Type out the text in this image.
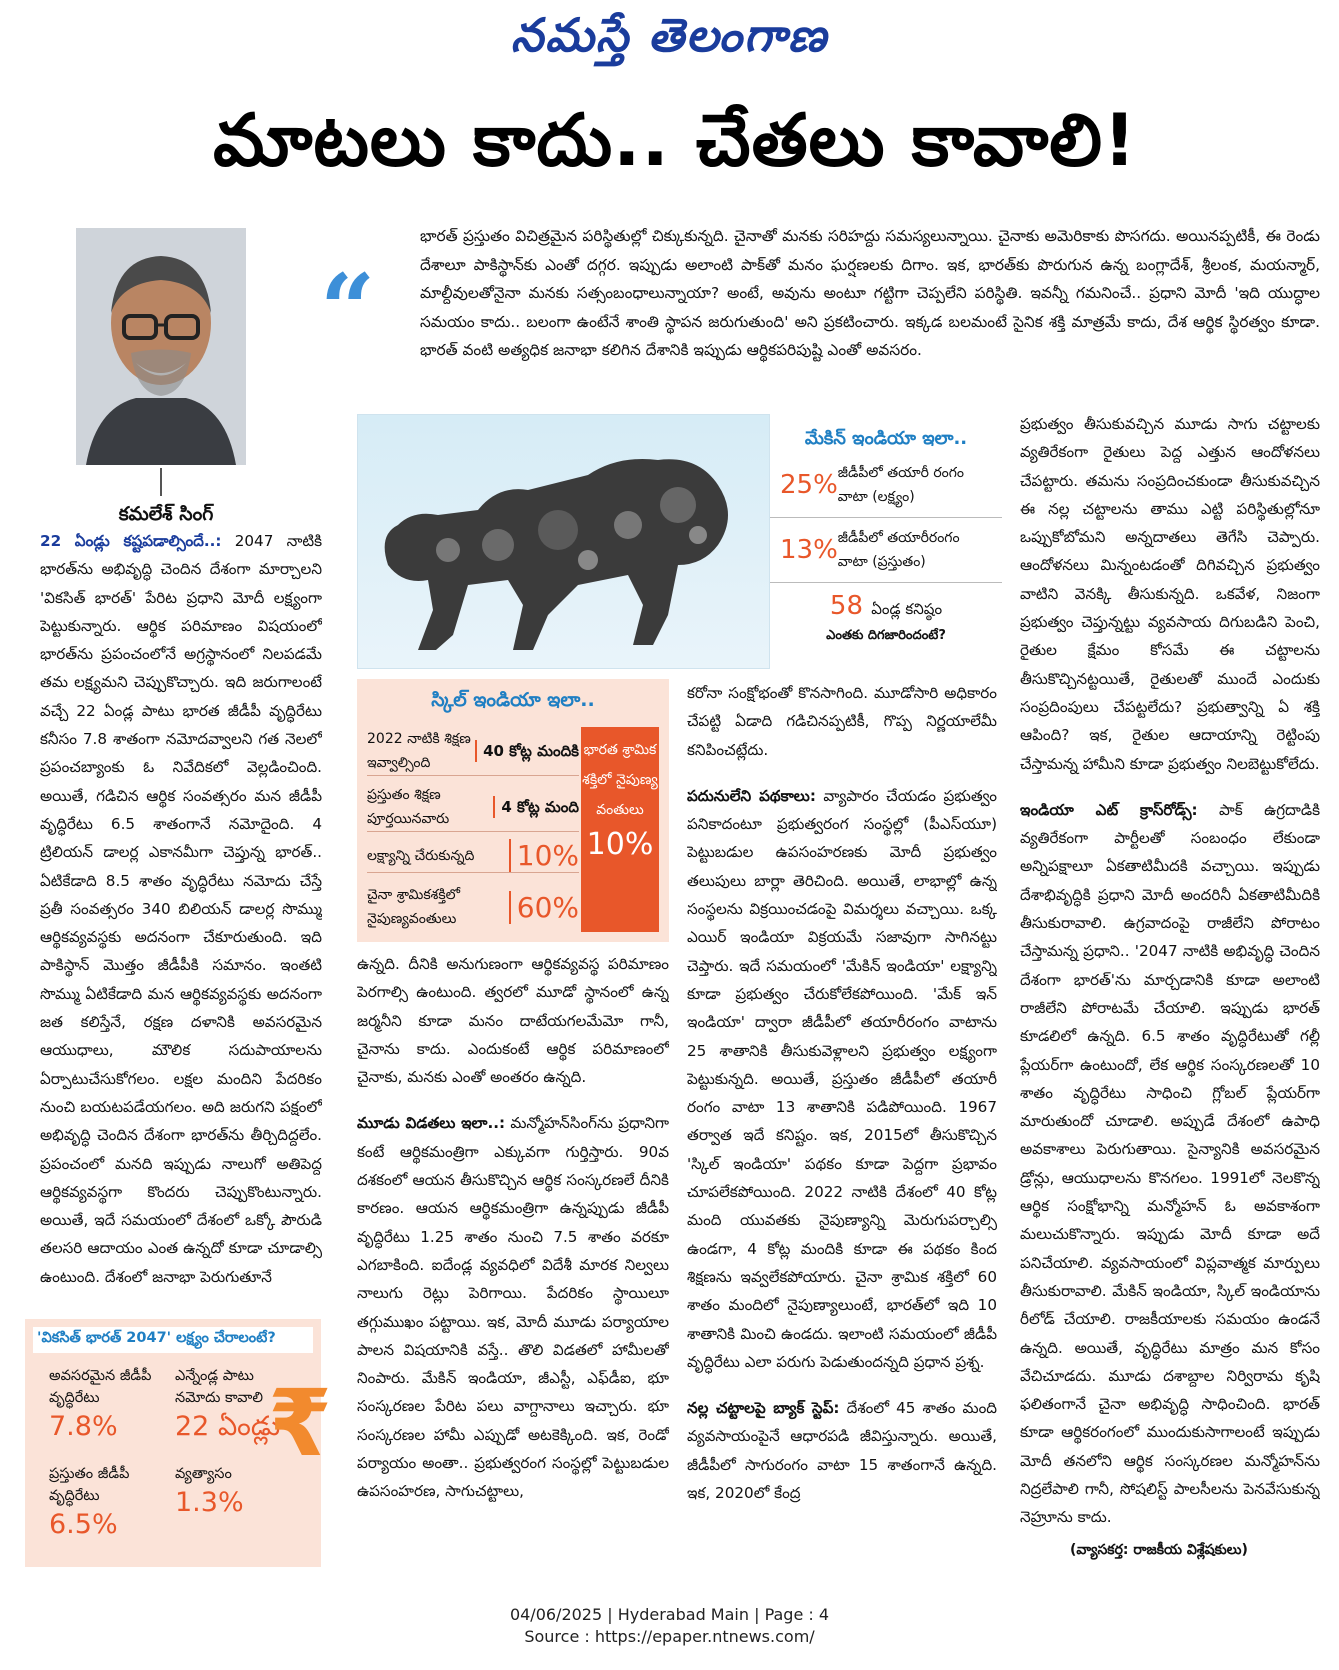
నమస్తే తెలంగాణ
మాటలు కాదు.. చేతలు కావాలి!
కమలేశ్ సింగ్
“
భారత్ ప్రస్తుతం విచిత్రమైన పరిస్థితుల్లో చిక్కుకున్నది. చైనాతో మనకు సరిహద్దు సమస్యలున్నాయి. చైనాకు అమెరికాకు పొసగదు. అయినప్పటికీ, ఈ రెండు దేశాలూ పాకిస్థాన్‌కు ఎంతో దగ్గర. ఇప్పుడు అలాంటి పాక్‌తో మనం ఘర్షణలకు దిగాం. ఇక, భారత్‌కు పొరుగున ఉన్న బంగ్లాదేశ్, శ్రీలంక, మయన్మార్, మాల్దీవులతోనైనా మనకు సత్సంబంధాలున్నాయా? అంటే, అవును అంటూ గట్టిగా చెప్పలేని పరిస్థితి. ఇవన్నీ గమనించే.. ప్రధాని మోదీ 'ఇది యుద్ధాల సమయం కాదు.. బలంగా ఉంటేనే శాంతి స్థాపన జరుగుతుంది' అని ప్రకటించారు. ఇక్కడ బలమంటే సైనిక శక్తి మాత్రమే కాదు, దేశ ఆర్థిక స్థిరత్వం కూడా. భారత్ వంటి అత్యధిక జనాభా కలిగిన దేశానికి ఇప్పుడు ఆర్థికపరిపుష్టి ఎంతో అవసరం.

22 ఏండ్లు కష్టపడాల్సిందే..: 2047 నాటికి భారత్‌ను అభివృద్ధి చెందిన దేశంగా మార్చాలని 'వికసిత్ భారత్' పేరిట ప్రధాని మోదీ లక్ష్యంగా పెట్టుకున్నారు. ఆర్థిక పరిమాణం విషయంలో భారత్‌ను ప్రపంచంలోనే అగ్రస్థానంలో నిలపడమే తమ లక్ష్యమని చెప్పుకొచ్చారు. ఇది జరుగాలంటే వచ్చే 22 ఏండ్ల పాటు భారత జీడీపీ వృద్ధిరేటు కనీసం 7.8 శాతంగా నమోదవ్వాలని గత నెలలో ప్రపంచబ్యాంకు ఓ నివేదికలో వెల్లడించింది. అయితే, గడిచిన ఆర్థిక సంవత్సరం మన జీడీపీ వృద్ధిరేటు 6.5 శాతంగానే నమోదైంది. 4 ట్రిలియన్ డాలర్ల ఎకానమీగా చెప్తున్న భారత్.. ఏటికేడాది 8.5 శాతం వృద్ధిరేటు నమోదు చేస్తే ప్రతీ సంవత్సరం 340 బిలియన్ డాలర్ల సొమ్ము ఆర్థికవ్యవస్థకు అదనంగా చేకూరుతుంది. ఇది పాకిస్థాన్ మొత్తం జీడీపీకి సమానం. ఇంతటి సొమ్ము ఏటికేడాది మన ఆర్థికవ్యవస్థకు అదనంగా జత కలిస్తేనే, రక్షణ దళానికి అవసరమైన ఆయుధాలు, మౌలిక సదుపాయాలను ఏర్పాటుచేసుకోగలం. లక్షల మందిని పేదరికం నుంచి బయటపడేయగలం. అది జరుగని పక్షంలో అభివృద్ధి చెందిన దేశంగా భారత్‌ను తీర్చిదిద్దలేం. ప్రపంచంలో మనది ఇప్పుడు నాలుగో అతిపెద్ద ఆర్థికవ్యవస్థగా కొందరు చెప్పుకొంటున్నారు. అయితే, ఇదే సమయంలో దేశంలో ఒక్కో పౌరుడి తలసరి ఆదాయం ఎంత ఉన్నదో కూడా చూడాల్సి ఉంటుంది. దేశంలో జనాభా పెరుగుతూనే

మేకిన్ ఇండియా ఇలా..
25% జీడీపీలో తయారీ రంగం వాటా (లక్ష్యం)
13% జీడీపీలో తయారీరంగం వాటా (ప్రస్తుతం)
58 ఏండ్ల కనిష్ఠం
ఎంతకు దిగజారిందంటే?
స్కిల్ ఇండియా ఇలా..
2022 నాటికి శిక్షణ ఇవ్వాల్సింది
40 కోట్ల మందికి
ప్రస్తుతం శిక్షణ పూర్తయినవారు
4 కోట్ల మంది
లక్ష్యాన్ని చేరుకున్నది	10%
చైనా శ్రామికశక్తిలో నైపుణ్యవంతులు	60%
భారత శ్రామిక శక్తిలో నైపుణ్య వంతులు
10%

ఉన్నది. దీనికి అనుగుణంగా ఆర్థికవ్యవస్థ పరిమాణం పెరగాల్సి ఉంటుంది. త్వరలో మూడో స్థానంలో ఉన్న జర్మనీని కూడా మనం దాటేయగలమేమో గానీ, చైనాను కాదు. ఎందుకంటే ఆర్థిక పరిమాణంలో చైనాకు, మనకు ఎంతో అంతరం ఉన్నది.

మూడు విడతలు ఇలా..: మన్మోహన్‌సింగ్‌ను ప్రధానిగా కంటే ఆర్థికమంత్రిగా ఎక్కువగా గుర్తిస్తారు. 90వ దశకంలో ఆయన తీసుకొచ్చిన ఆర్థిక సంస్కరణలే దీనికి కారణం. ఆయన ఆర్థికమంత్రిగా ఉన్నప్పుడు జీడీపీ వృద్ధిరేటు 1.25 శాతం నుంచి 7.5 శాతం వరకూ ఎగబాకింది. ఐదేండ్ల వ్యవధిలో విదేశీ మారక నిల్వలు నాలుగు రెట్లు పెరిగాయి. పేదరికం స్థాయిలూ తగ్గుముఖం పట్టాయి. ఇక, మోదీ మూడు పర్యాయాల పాలన విషయానికి వస్తే.. తొలి విడతలో హామీలతో నింపారు. మేకిన్ ఇండియా, జీఎస్టీ, ఎఫ్‌డీఐ, భూ సంస్కరణల పేరిట పలు వాగ్దానాలు ఇచ్చారు. భూ సంస్కరణల హామీ ఎప్పుడో అటకెక్కింది. ఇక, రెండో పర్యాయం అంతా.. ప్రభుత్వరంగ సంస్థల్లో పెట్టుబడుల ఉపసంహరణ, సాగుచట్టాలు,

కరోనా సంక్షోభంతో కొనసాగింది. మూడోసారి అధికారం చేపట్టి ఏడాది గడిచినప్పటికీ, గొప్ప నిర్ణయాలేమీ కనిపించట్లేదు.

పదునులేని పథకాలు: వ్యాపారం చేయడం ప్రభుత్వం పనికాదంటూ ప్రభుత్వరంగ సంస్థల్లో (పీఎస్‌యూ) పెట్టుబడుల ఉపసంహరణకు మోదీ ప్రభుత్వం తలుపులు బార్లా తెరిచింది. అయితే, లాభాల్లో ఉన్న సంస్థలను విక్రయించడంపై విమర్శలు వచ్చాయి. ఒక్క ఎయిర్ ఇండియా విక్రయమే సజావుగా సాగినట్టు చెప్తారు. ఇదే సమయంలో 'మేకిన్ ఇండియా' లక్ష్యాన్ని కూడా ప్రభుత్వం చేరుకోలేకపోయింది. 'మేక్ ఇన్ ఇండియా' ద్వారా జీడీపీలో తయారీరంగం వాటాను 25 శాతానికి తీసుకువెళ్లాలని ప్రభుత్వం లక్ష్యంగా పెట్టుకున్నది. అయితే, ప్రస్తుతం జీడీపీలో తయారీ రంగం వాటా 13 శాతానికి పడిపోయింది. 1967 తర్వాత ఇదే కనిష్టం. ఇక, 2015లో తీసుకొచ్చిన 'స్కిల్ ఇండియా' పథకం కూడా పెద్దగా ప్రభావం చూపలేకపోయింది. 2022 నాటికి దేశంలో 40 కోట్ల మంది యువతకు నైపుణ్యాన్ని మెరుగుపర్చాల్సి ఉండగా, 4 కోట్ల మందికి కూడా ఈ పథకం కింద శిక్షణను ఇవ్వలేకపోయారు. చైనా శ్రామిక శక్తిలో 60 శాతం మందిలో నైపుణ్యాలుంటే, భారత్‌లో ఇది 10 శాతానికి మించి ఉండదు. ఇలాంటి సమయంలో జీడీపీ వృద్ధిరేటు ఎలా పరుగు పెడుతుందన్నది ప్రధాన ప్రశ్న.

నల్ల చట్టాలపై బ్యాక్ స్టెప్: దేశంలో 45 శాతం మంది వ్యవసాయంపైనే ఆధారపడి జీవిస్తున్నారు. అయితే, జీడీపీలో సాగురంగం వాటా 15 శాతంగానే ఉన్నది. ఇక, 2020లో కేంద్ర

ప్రభుత్వం తీసుకువచ్చిన మూడు సాగు చట్టాలకు వ్యతిరేకంగా రైతులు పెద్ద ఎత్తున ఆందోళనలు చేపట్టారు. తమను సంప్రదించకుండా తీసుకువచ్చిన ఈ నల్ల చట్టాలను తాము ఎట్టి పరిస్థితుల్లోనూ ఒప్పుకోబోమని అన్నదాతలు తెగేసి చెప్పారు. ఆందోళనలు మిన్నంటడంతో దిగివచ్చిన ప్రభుత్వం వాటిని వెనక్కి తీసుకున్నది. ఒకవేళ, నిజంగా ప్రభుత్వం చెప్తున్నట్టు వ్యవసాయ దిగుబడిని పెంచి, రైతుల క్షేమం కోసమే ఈ చట్టాలను తీసుకొచ్చినట్టయితే, రైతులతో ముందే ఎందుకు సంప్రదింపులు చేపట్టలేదు? ప్రభుత్వాన్ని ఏ శక్తి ఆపింది? ఇక, రైతుల ఆదాయాన్ని రెట్టింపు చేస్తామన్న హామీని కూడా ప్రభుత్వం నిలబెట్టుకోలేదు.

ఇండియా ఎట్ క్రాస్‌రోడ్స్: పాక్ ఉగ్రదాడికి వ్యతిరేకంగా పార్టీలతో సంబంధం లేకుండా అన్నిపక్షాలూ ఏకతాటిమీదకి వచ్చాయి. ఇప్పుడు దేశాభివృద్ధికి ప్రధాని మోదీ అందరినీ ఏకతాటిమీదికి తీసుకురావాలి. ఉగ్రవాదంపై రాజీలేని పోరాటం చేస్తామన్న ప్రధాని.. '2047 నాటికి అభివృద్ధి చెందిన దేశంగా భారత్'ను మార్చడానికి కూడా అలాంటి రాజీలేని పోరాటమే చేయాలి. ఇప్పుడు భారత్ కూడలిలో ఉన్నది. 6.5 శాతం వృద్ధిరేటుతో గల్లీ ప్లేయర్‌గా ఉంటుందో, లేక ఆర్థిక సంస్కరణలతో 10 శాతం వృద్ధిరేటు సాధించి గ్లోబల్ ప్లేయర్‌గా మారుతుందో చూడాలి. అప్పుడే దేశంలో ఉపాధి అవకాశాలు పెరుగుతాయి. సైన్యానికి అవసరమైన డ్రోన్లు, ఆయుధాలను కొనగలం. 1991లో నెలకొన్న ఆర్థిక సంక్షోభాన్ని మన్మోహన్ ఓ అవకాశంగా మలుచుకొన్నారు. ఇప్పుడు మోదీ కూడా అదే పనిచేయాలి. వ్యవసాయంలో విప్లవాత్మక మార్పులు తీసుకురావాలి. మేకిన్ ఇండియా, స్కిల్ ఇండియాను రీలోడ్ చేయాలి. రాజకీయాలకు సమయం ఉండనే ఉన్నది. అయితే, వృద్ధిరేటు మాత్రం మన కోసం వేచిచూడదు. మూడు దశాబ్దాల నిర్విరామ కృషి ఫలితంగానే చైనా అభివృద్ధి సాధించింది. భారత్ కూడా ఆర్థికరంగంలో ముందుకుసాగాలంటే ఇప్పుడు మోదీ తనలోని ఆర్థిక సంస్కరణల మన్మోహన్‌ను నిద్రలేపాలి గానీ, సోషలిస్ట్ పాలసీలను పెనవేసుకున్న నెహ్రూను కాదు.

(వ్యాసకర్త: రాజకీయ విశ్లేషకులు)
'వికసిత్ భారత్ 2047' లక్ష్యం చేరాలంటే?
అవసరమైన జీడీపీ వృద్ధిరేటు
7.8%
ఎన్నేండ్ల పాటు నమోదు కావాలి
22 ఏండ్లు
ప్రస్తుతం జీడీపీ వృద్ధిరేటు
6.5%
వ్యత్యాసం
1.3%
₹
04/06/2025 | Hyderabad Main | Page : 4
Source : https://epaper.ntnews.com/
